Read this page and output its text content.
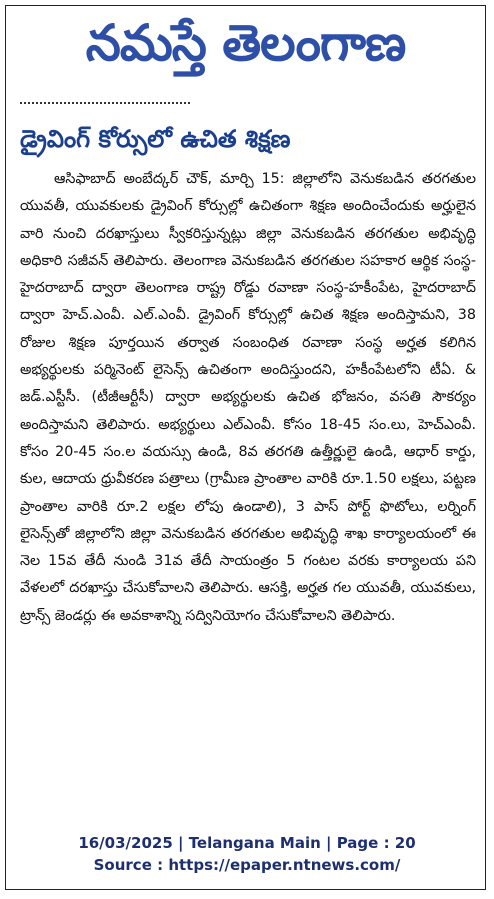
నమస్తే తెలంగాణ
డ్రైవింగ్ కోర్సులో ఉచిత శిక్షణ

ఆసిఫాబాద్ అంబేద్కర్ చౌక్, మార్చి 15: జిల్లాలోని వెనుకబడిన తరగతుల యువతీ, యువకులకు డ్రైవింగ్ కోర్సుల్లో ఉచితంగా శిక్షణ అందించేందుకు అర్హులైన వారి నుంచి దరఖాస్తులు స్వీకరిస్తున్నట్లు జిల్లా వెనుకబడిన తరగతుల అభివృద్ధి అధికారి సజీవన్ తెలిపారు. తెలంగాణ వెనుకబడిన తరగతుల సహకార ఆర్థిక సంస్థ-హైదరాబాద్ ద్వారా తెలంగాణ రాష్ట్ర రోడ్డు రవాణా సంస్థ-హకీంపేట, హైదరాబాద్ ద్వారా హెచ్.ఎంవీ. ఎల్.ఎంవీ. డ్రైవింగ్ కోర్సుల్లో ఉచిత శిక్షణ అందిస్తామని, 38 రోజుల శిక్షణ పూర్తయిన తర్వాత సంబంధిత రవాణా సంస్థ అర్హత కలిగిన అభ్యర్థులకు పర్మినెంట్ లైసెన్స్ ఉచితంగా అందిస్తుందని, హకీంపేటలోని టీఏ. & జడ్.ఎస్టీసీ. (టీజీఆర్టీసీ) ద్వారా అభ్యర్థులకు ఉచిత భోజనం, వసతి సౌకర్యం అందిస్తామని తెలిపారు. అభ్యర్థులు ఎల్ఎంవీ. కోసం 18-45 సం.లు, హెచ్ఎంవీ. కోసం 20-45 సం.ల వయస్సు ఉండి, 8వ తరగతి ఉత్తీర్ణులై ఉండి, ఆధార్ కార్డు, కుల, ఆదాయ ధ్రువీకరణ పత్రాలు (గ్రామీణ ప్రాంతాల వారికి రూ.1.50 లక్షలు, పట్టణ ప్రాంతాల వారికి రూ.2 లక్షల లోపు ఉండాలి), 3 పాస్ పోర్ట్ ఫొటోలు, లర్నింగ్ లైసెన్స్‌తో జిల్లాలోని జిల్లా వెనుకబడిన తరగతుల అభివృద్ధి శాఖ కార్యాలయంలో ఈ నెల 15వ తేదీ నుండి 31వ తేదీ సాయంత్రం 5 గంటల వరకు కార్యాలయ పని వేళలలో దరఖాస్తు చేసుకోవాలని తెలిపారు. ఆసక్తి, అర్హత గల యువతీ, యువకులు, ట్రాన్స్ జెండర్లు ఈ అవకాశాన్ని సద్వినియోగం చేసుకోవాలని తెలిపారు.

16/03/2025 | Telangana Main | Page : 20
Source : https://epaper.ntnews.com/
